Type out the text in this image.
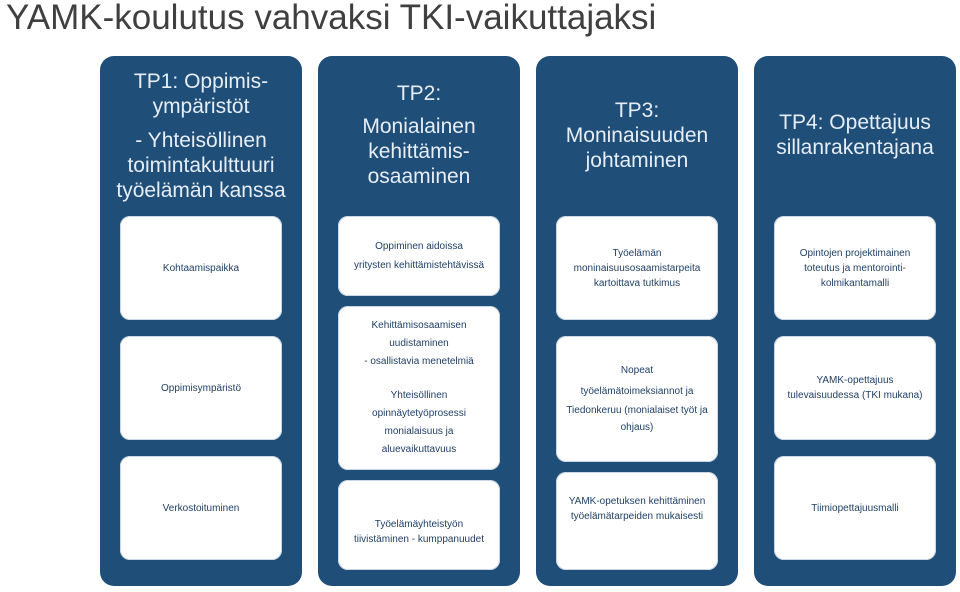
YAMK-koulutus vahvaksi TKI-vaikuttajaksi
TP1: Oppimis-
ympäristöt
- Yhteisöllinen
toimintakulttuuri
työelämän kanssa
Kohtaamispaikka
Oppimisympäristö
Verkostoituminen
TP2:
Monialainen
kehittämis-
osaaminen
Oppiminen aidoissa
yritysten kehittämistehtävissä
Kehittämisosaamisen
uudistaminen
- osallistavia menetelmiä
Yhteisöllinen
opinnäytetyöprosessi
monialaisuus ja
aluevaikuttavuus
Työelämäyhteistyön
tiivistäminen - kumppanuudet
TP3:
Moninaisuuden
johtaminen
Työelämän
moninaisuusosaamistarpeita
kartoittava tutkimus
Nopeat
työelämätoimeksiannot ja
Tiedonkeruu (monialaiset työt ja
ohjaus)
YAMK-opetuksen kehittäminen
työelämätarpeiden mukaisesti
TP4: Opettajuus
sillanrakentajana
Opintojen projektimainen
toteutus ja mentorointi-
kolmikantamalli
YAMK-opettajuus
tulevaisuudessa (TKI mukana)
Tiimiopettajuusmalli
